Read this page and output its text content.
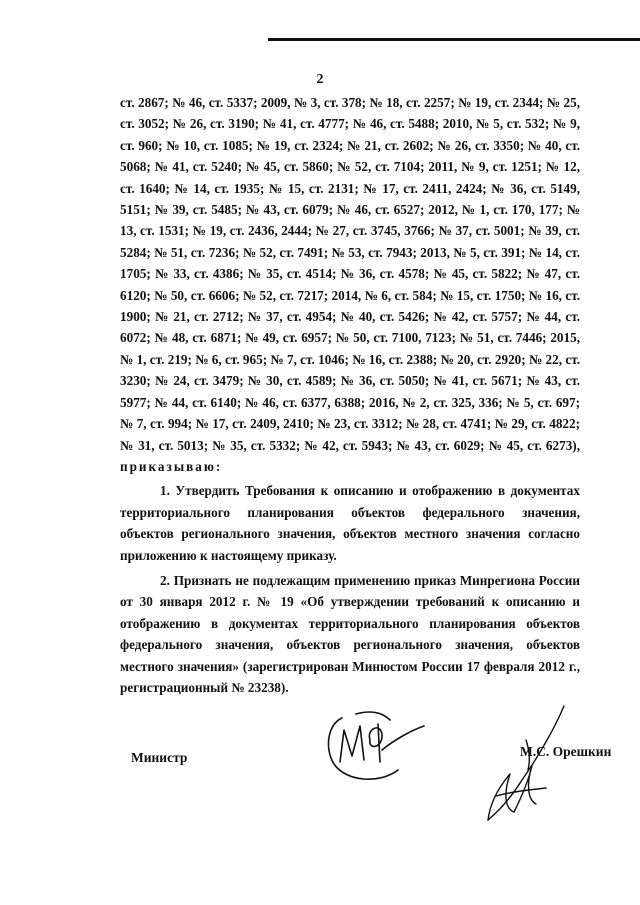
2

ст. 2867; № 46, ст. 5337; 2009, № 3, ст. 378; № 18, ст. 2257; № 19, ст. 2344; № 25, ст. 3052; № 26, ст. 3190; № 41, ст. 4777; № 46, ст. 5488; 2010, № 5, ст. 532; № 9, ст. 960; № 10, ст. 1085; № 19, ст. 2324; № 21, ст. 2602; № 26, ст. 3350; № 40, ст. 5068; № 41, ст. 5240; № 45, ст. 5860; № 52, ст. 7104; 2011, № 9, ст. 1251; № 12, ст. 1640; № 14, ст. 1935; № 15, ст. 2131; № 17, ст. 2411, 2424; № 36, ст. 5149, 5151; № 39, ст. 5485; № 43, ст. 6079; № 46, ст. 6527; 2012, № 1, ст. 170, 177; № 13, ст. 1531; № 19, ст. 2436, 2444; № 27, ст. 3745, 3766; № 37, ст. 5001; № 39, ст. 5284; № 51, ст. 7236; № 52, ст. 7491; № 53, ст. 7943; 2013, № 5, ст. 391; № 14, ст. 1705; № 33, ст. 4386; № 35, ст. 4514; № 36, ст. 4578; № 45, ст. 5822; № 47, ст. 6120; № 50, ст. 6606; № 52, ст. 7217; 2014, № 6, ст. 584; № 15, ст. 1750; № 16, ст. 1900; № 21, ст. 2712; № 37, ст. 4954; № 40, ст. 5426; № 42, ст. 5757; № 44, ст. 6072; № 48, ст. 6871; № 49, ст. 6957; № 50, ст. 7100, 7123; № 51, ст. 7446; 2015, № 1, ст. 219; № 6, ст. 965; № 7, ст. 1046; № 16, ст. 2388; № 20, ст. 2920; № 22, ст. 3230; № 24, ст. 3479; № 30, ст. 4589; № 36, ст. 5050; № 41, ст. 5671; № 43, ст. 5977; № 44, ст. 6140; № 46, ст. 6377, 6388; 2016, № 2, ст. 325, 336; № 5, ст. 697; № 7, ст. 994; № 17, ст. 2409, 2410; № 23, ст. 3312; № 28, ст. 4741; № 29, ст. 4822; № 31, ст. 5013; № 35, ст. 5332; № 42, ст. 5943; № 43, ст. 6029; № 45, ст. 6273), приказываю:

1. Утвердить Требования к описанию и отображению в документах территориального планирования объектов федерального значения, объектов регионального значения, объектов местного значения согласно приложению к настоящему приказу.

2. Признать не подлежащим применению приказ Минрегиона России от 30 января 2012 г. № 19 «Об утверждении требований к описанию и отображению в документах территориального планирования объектов федерального значения, объектов регионального значения, объектов местного значения» (зарегистрирован Минюстом России 17 февраля 2012 г., регистрационный № 23238).

Министр	М.С. Орешкин
